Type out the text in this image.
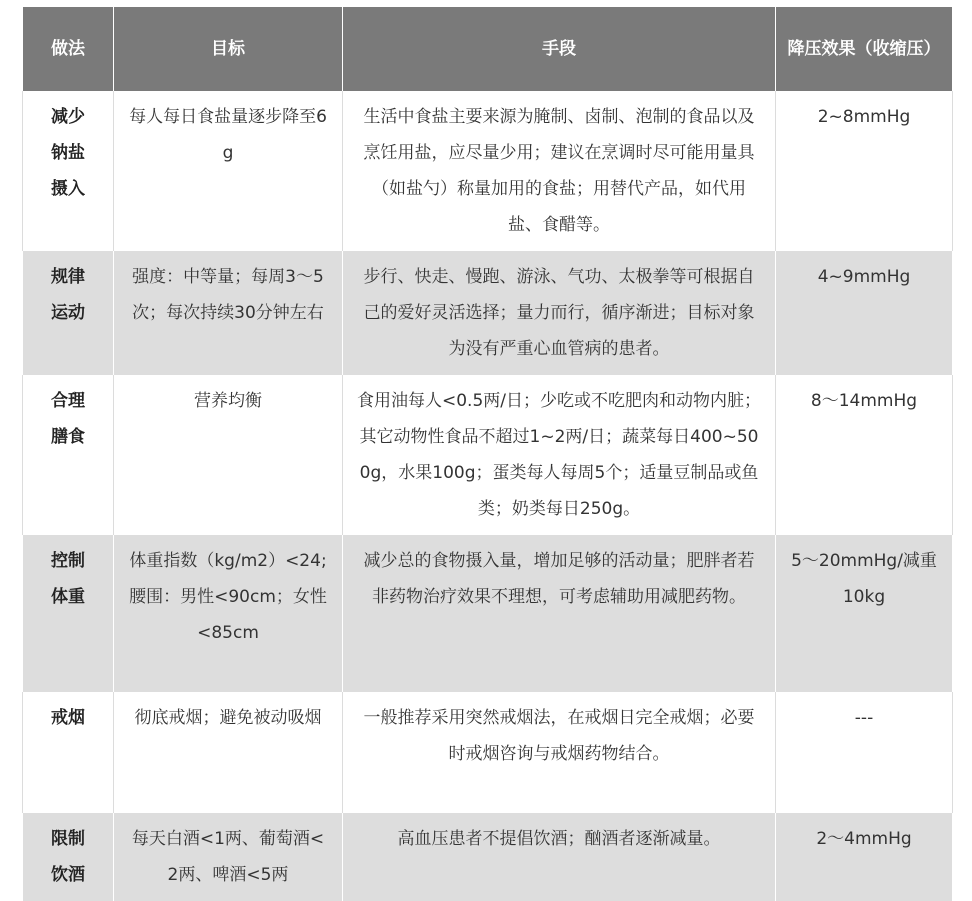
做法	目标	手段	降压效果（收缩压）
减少钠盐摄入	每人每日食盐量逐步降至6g	生活中食盐主要来源为腌制、卤制、泡制的食品以及烹饪用盐，应尽量少用；建议在烹调时尽可能用量具（如盐勺）称量加用的食盐；用替代产品，如代用盐、食醋等。	2~8mmHg
规律运动	强度：中等量；每周3～5次；每次持续30分钟左右	步行、快走、慢跑、游泳、气功、太极拳等可根据自己的爱好灵活选择；量力而行，循序渐进；目标对象为没有严重心血管病的患者。	4~9mmHg
合理膳食	营养均衡	食用油每人<0.5两/日；少吃或不吃肥肉和动物内脏；其它动物性食品不超过1~2两/日；蔬菜每日400~500g，水果100g；蛋类每人每周5个；适量豆制品或鱼类；奶类每日250g。	8～14mmHg
控制体重	体重指数（kg/m2）<24; 腰围：男性<90cm；女性<85cm	减少总的食物摄入量，增加足够的活动量；肥胖者若非药物治疗效果不理想，可考虑辅助用减肥药物。	5～20mmHg/减重10kg
戒烟	彻底戒烟；避免被动吸烟	一般推荐采用突然戒烟法，在戒烟日完全戒烟；必要时戒烟咨询与戒烟药物结合。	---
限制饮酒	每天白酒<1两、葡萄酒<2两、啤酒<5两	高血压患者不提倡饮酒；酗酒者逐渐减量。	2～4mmHg
